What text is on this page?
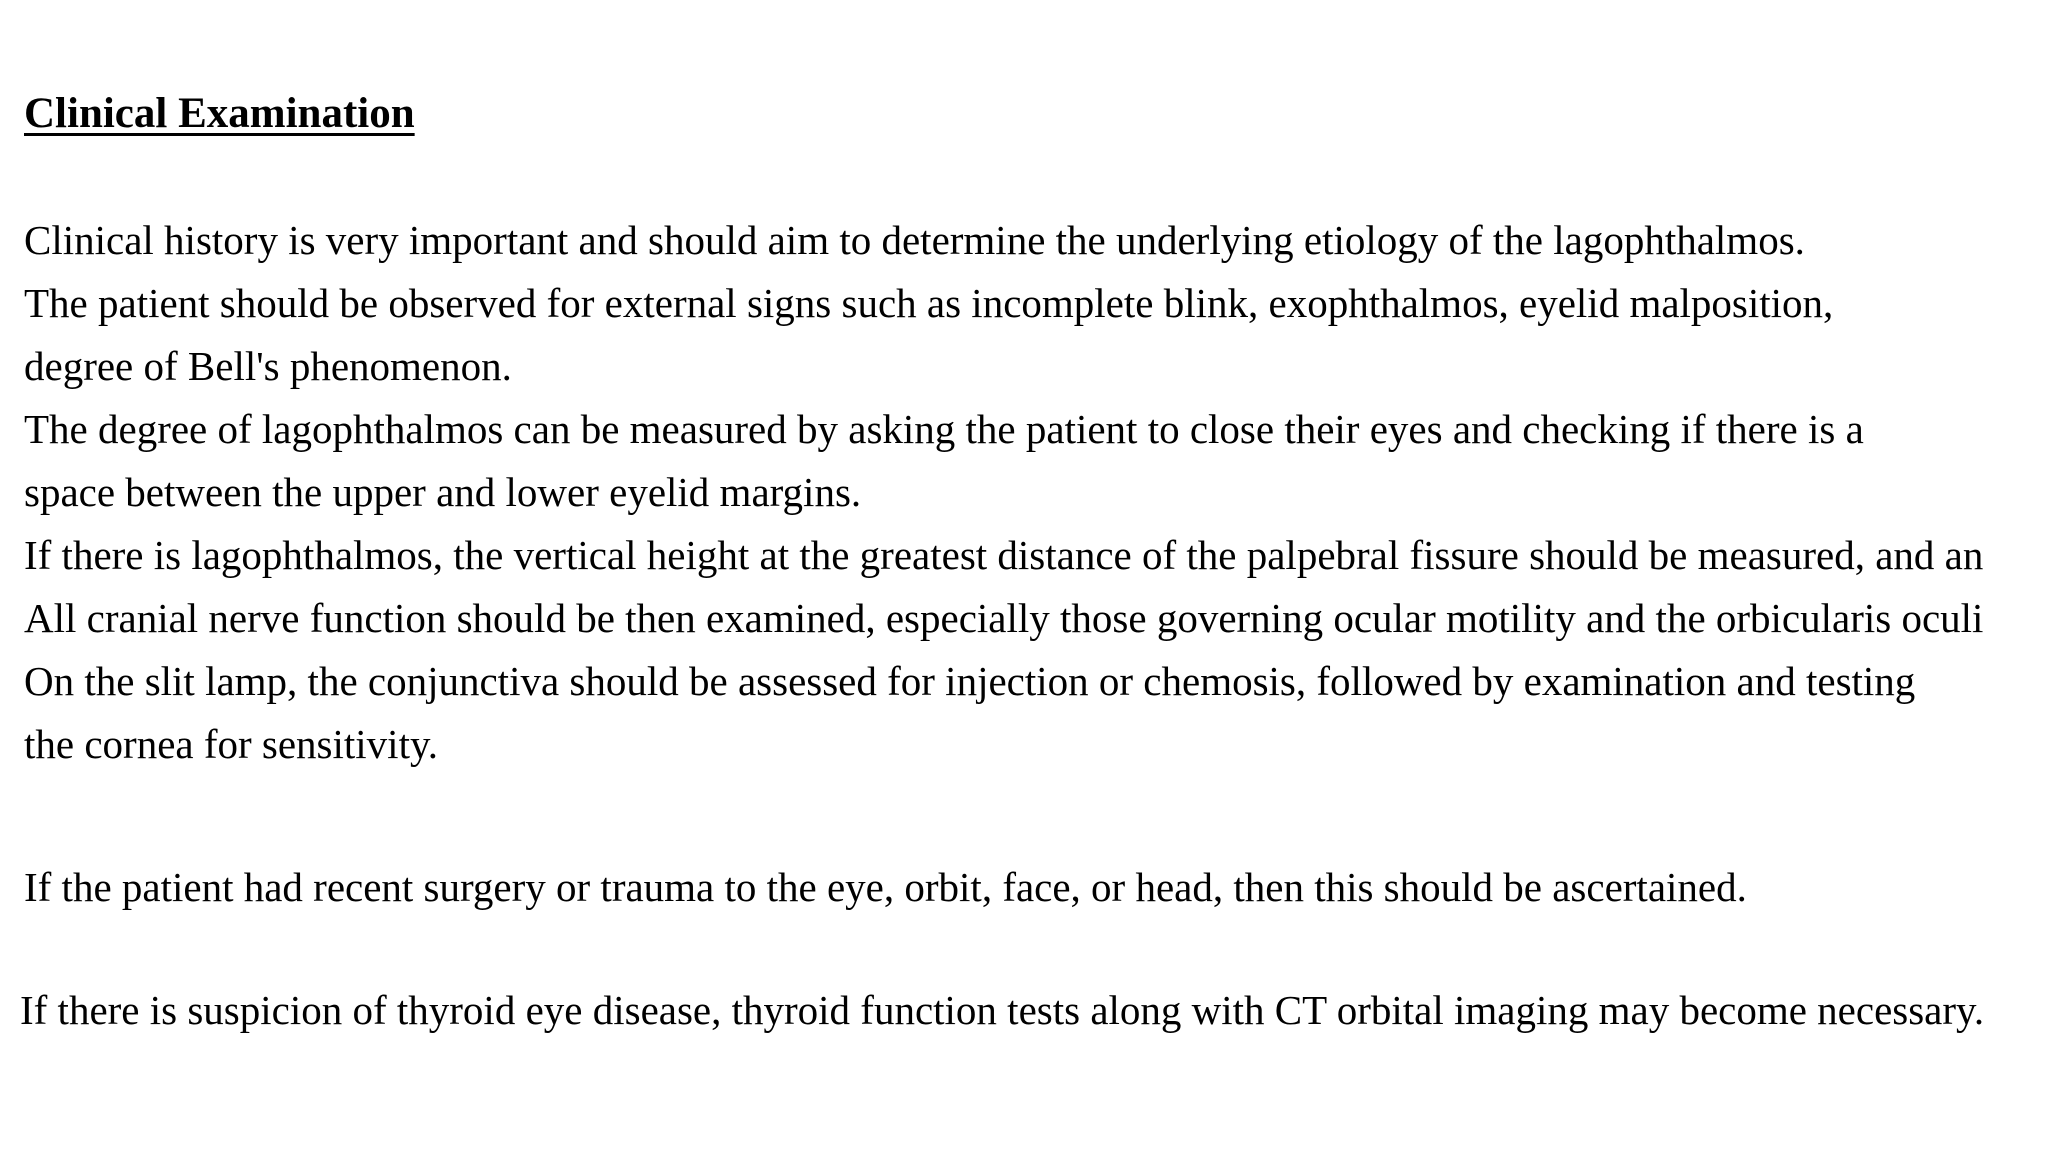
Clinical Examination

Clinical history is very important and should aim to determine the underlying etiology of the lagophthalmos.

The patient should be observed for external signs such as incomplete blink, exophthalmos, eyelid malposition,

degree of Bell's phenomenon.

The degree of lagophthalmos can be measured by asking the patient to close their eyes and checking if there is a

space between the upper and lower eyelid margins.

If there is lagophthalmos, the vertical height at the greatest distance of the palpebral fissure should be measured, and an

All cranial nerve function should be then examined, especially those governing ocular motility and the orbicularis oculi

On the slit lamp, the conjunctiva should be assessed for injection or chemosis, followed by examination and testing

the cornea for sensitivity.

If the patient had recent surgery or trauma to the eye, orbit, face, or head, then this should be ascertained.

If there is suspicion of thyroid eye disease, thyroid function tests along with CT orbital imaging may become necessary.
